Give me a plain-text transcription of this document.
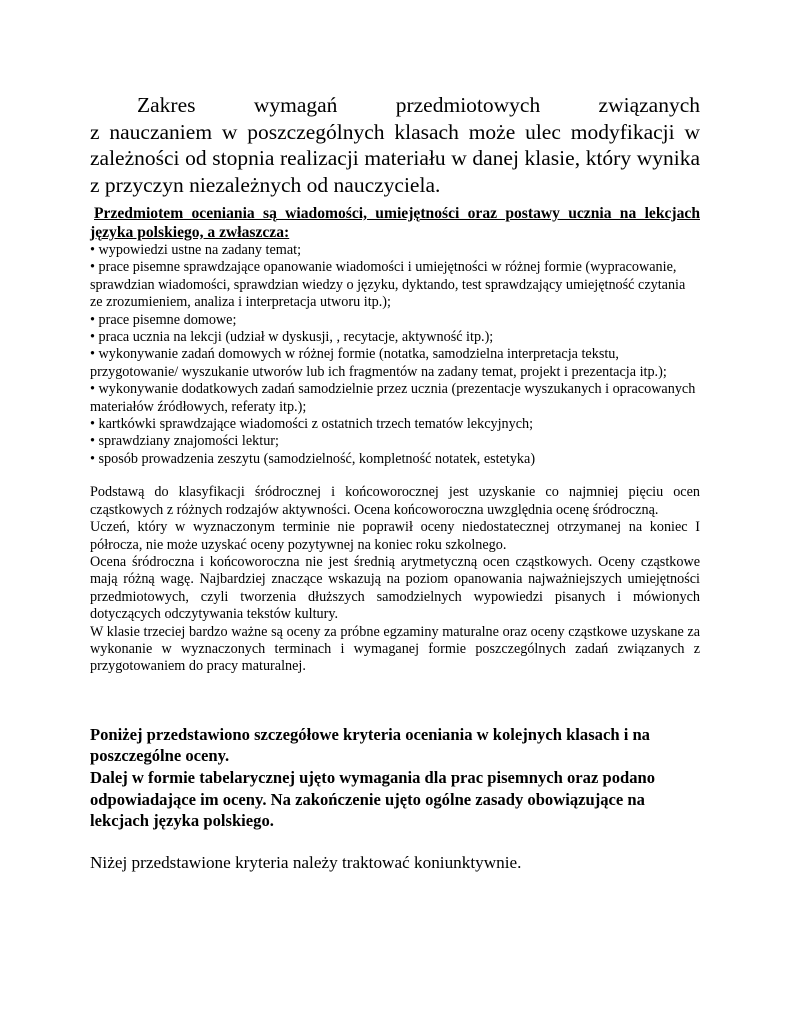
Zakres wymagań przedmiotowych związanych
z nauczaniem w poszczególnych klasach może ulec modyfikacji w zależności od stopnia realizacji materiału w danej klasie, który wynika z przyczyn niezależnych od nauczyciela.

Przedmiotem oceniania są wiadomości, umiejętności oraz postawy ucznia na lekcjach języka polskiego, a zwłaszcza:

• wypowiedzi ustne na zadany temat;
• prace pisemne sprawdzające opanowanie wiadomości i umiejętności w różnej formie (wypracowanie, sprawdzian wiadomości, sprawdzian wiedzy o języku, dyktando, test sprawdzający umiejętność czytania ze zrozumieniem, analiza i interpretacja utworu itp.);
• prace pisemne domowe;
• praca ucznia na lekcji (udział w dyskusji, , recytacje, aktywność itp.);
• wykonywanie zadań domowych w różnej formie (notatka, samodzielna interpretacja tekstu, przygotowanie/ wyszukanie utworów lub ich fragmentów na zadany temat, projekt i prezentacja itp.);
• wykonywanie dodatkowych zadań samodzielnie przez ucznia (prezentacje wyszukanych i opracowanych materiałów źródłowych, referaty itp.);
• kartkówki sprawdzające wiadomości z ostatnich trzech tematów lekcyjnych;
• sprawdziany znajomości lektur;
• sposób prowadzenia zeszytu (samodzielność, kompletność notatek, estetyka)

Podstawą do klasyfikacji śródrocznej i końcoworocznej jest uzyskanie co najmniej pięciu ocen cząstkowych z różnych rodzajów aktywności. Ocena końcoworoczna uwzględnia ocenę śródroczną.

Uczeń, który w wyznaczonym terminie nie poprawił oceny niedostatecznej otrzymanej na koniec I półrocza, nie może uzyskać oceny pozytywnej na koniec roku szkolnego.

Ocena śródroczna i końcoworoczna nie jest średnią arytmetyczną ocen cząstkowych. Oceny cząstkowe mają różną wagę. Najbardziej znaczące wskazują na poziom opanowania najważniejszych umiejętności przedmiotowych, czyli tworzenia dłuższych samodzielnych wypowiedzi pisanych i mówionych dotyczących odczytywania tekstów kultury.

W klasie trzeciej bardzo ważne są oceny za próbne egzaminy maturalne oraz oceny cząstkowe uzyskane za wykonanie w wyznaczonych terminach i wymaganej formie poszczególnych zadań związanych z przygotowaniem do pracy maturalnej.

Poniżej przedstawiono szczegółowe kryteria oceniania w kolejnych klasach i na poszczególne oceny.

Dalej w formie tabelarycznej ujęto wymagania dla prac pisemnych oraz podano odpowiadające im oceny. Na zakończenie ujęto ogólne zasady obowiązujące na lekcjach języka polskiego.

Niżej przedstawione kryteria należy traktować koniunktywnie.
